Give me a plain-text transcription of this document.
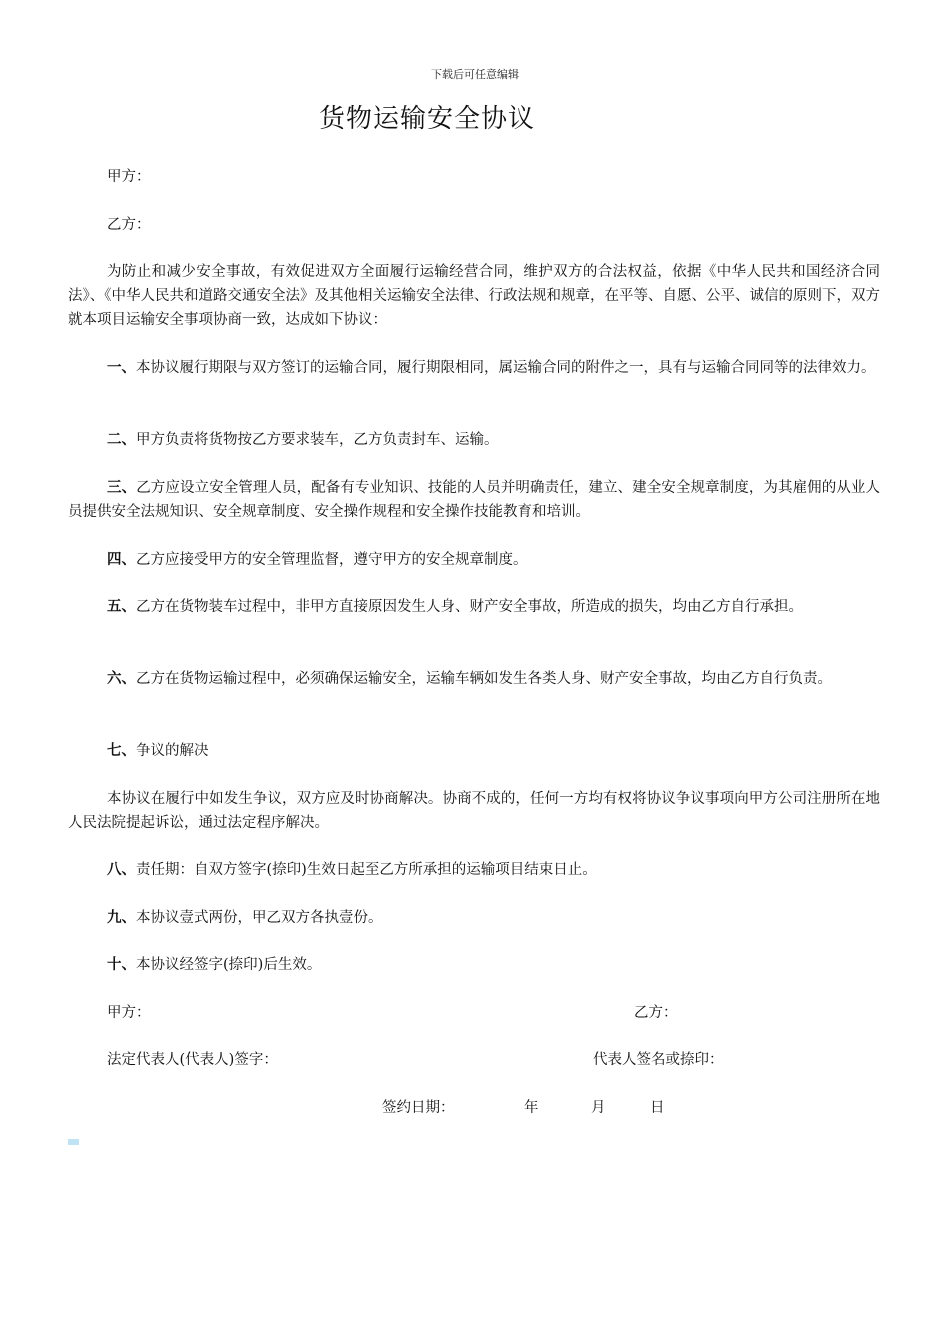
下载后可任意编辑
货物运输安全协议
甲方：
乙方：
为防止和减少安全事故，有效促进双方全面履行运输经营合同，维护双方的合法权益，依据《中华人民共和国经济合同法》、《中华人民共和道路交通安全法》及其他相关运输安全法律、行政法规和规章，在平等、自愿、公平、诚信的原则下，双方就本项目运输安全事项协商一致，达成如下协议：
一、本协议履行期限与双方签订的运输合同，履行期限相同，属运输合同的附件之一，具有与运输合同同等的法律效力。
二、甲方负责将货物按乙方要求装车，乙方负责封车、运输。
三、乙方应设立安全管理人员，配备有专业知识、技能的人员并明确责任，建立、建全安全规章制度，为其雇佣的从业人员提供安全法规知识、安全规章制度、安全操作规程和安全操作技能教育和培训。
四、乙方应接受甲方的安全管理监督，遵守甲方的安全规章制度。
五、乙方在货物装车过程中，非甲方直接原因发生人身、财产安全事故，所造成的损失，均由乙方自行承担。
六、乙方在货物运输过程中，必须确保运输安全，运输车辆如发生各类人身、财产安全事故，均由乙方自行负责。
七、争议的解决
本协议在履行中如发生争议，双方应及时协商解决。协商不成的，任何一方均有权将协议争议事项向甲方公司注册所在地人民法院提起诉讼，通过法定程序解决。
八、责任期：自双方签字(捺印)生效日起至乙方所承担的运输项目结束日止。
九、本协议壹式两份，甲乙双方各执壹份。
十、本协议经签字(捺印)后生效。
甲方：	乙方：
法定代表人(代表人)签字：	代表人签名或捺印：
签约日期：	年	月	日
